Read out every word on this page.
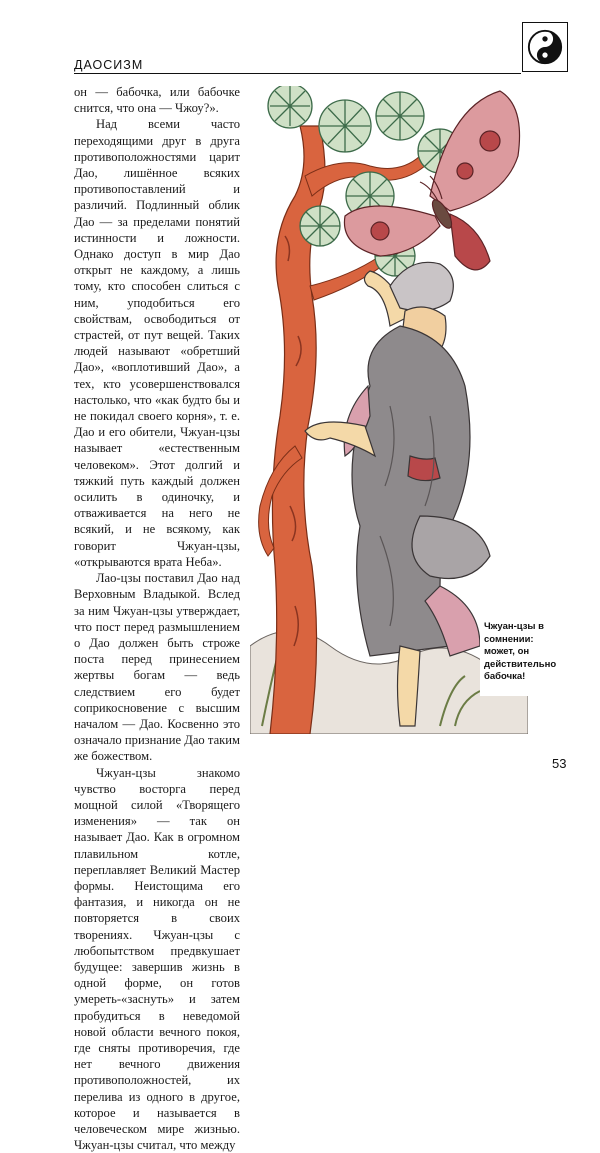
ДАОСИЗМ

он — бабочка, или бабочке снится, что она — Чжоу?».

Над всеми часто переходящими друг в друга противоположностями царит Дао, лишённое всяких противопоставлений и различий. Подлинный облик Дао — за пределами понятий истинности и ложности. Однако доступ в мир Дао открыт не каждому, а лишь тому, кто способен слиться с ним, уподобиться его свойствам, освободиться от страстей, от пут вещей. Таких людей называют «обретший Дао», «воплотивший Дао», а тех, кто усовершенствовался настолько, что «как будто бы и не покидал своего корня», т. е. Дао и его обители, Чжуан-цзы называет «естественным человеком». Этот долгий и тяжкий путь каждый должен осилить в одиночку, и отваживается на него не всякий, и не всякому, как говорит Чжуан-цзы, «открываются врата Неба».

Лао-цзы поставил Дао над Верховным Владыкой. Вслед за ним Чжуан-цзы утверждает, что пост перед размышлением о Дао должен быть строже поста перед принесением жертвы богам — ведь следствием его будет соприкосновение с высшим началом — Дао. Косвенно это означало признание Дао таким же божеством.

Чжуан-цзы знакомо чувство восторга перед мощной силой «Творящего изменения» — так он называет Дао. Как в огромном плавильном котле, переплавляет Великий Мастер формы. Неистощима его фантазия, и никогда он не повторяется в своих творениях. Чжуан-цзы с любопытством предвкушает будущее: завершив жизнь в одной форме, он готов умереть-«заснуть» и затем пробудиться в неведомой новой области вечного покоя, где сняты противоречия, где нет вечного движения противоположностей, их перелива из одного в другое, которое и называется в человеческом мире жизнью. Чжуан-цзы считал, что между

Чжуан-цзы в сомнении: может, он действительно бабочка!
53
